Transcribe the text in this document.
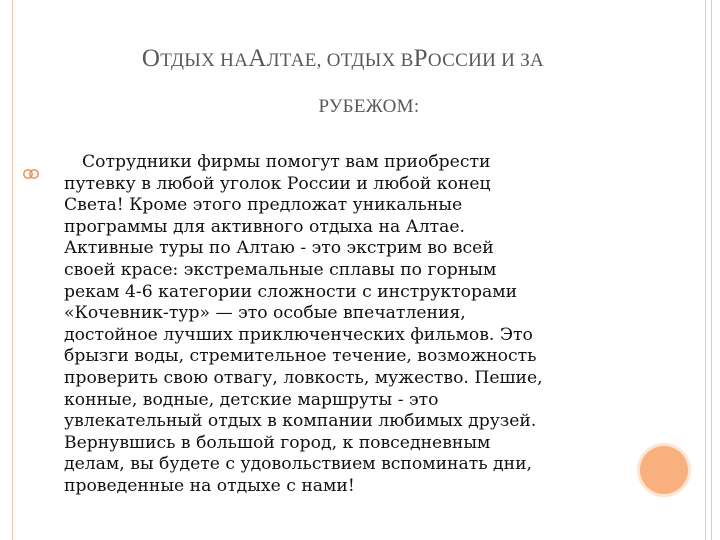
ОТДЫХ НААЛТАЕ, ОТДЫХ ВРОССИИ И ЗА
РУБЕЖОМ:

Сотрудники фирмы помогут вам приобрести
путевку в любой уголок России и любой конец
Света! Кроме этого предложат уникальные
программы для активного отдыха на Алтае.
Активные туры по Алтаю - это экстрим во всей
своей красе: экстремальные сплавы по горным
рекам 4-6 категории сложности с инструкторами
«Кочевник-тур» — это особые впечатления,
достойное лучших приключенческих фильмов. Это
брызги воды, стремительное течение, возможность
проверить свою отвагу, ловкость, мужество. Пешие,
конные, водные, детские маршруты - это
увлекательный отдых в компании любимых друзей.
Вернувшись в большой город, к повседневным
делам, вы будете с удовольствием вспоминать дни,
проведенные на отдыхе с нами!
